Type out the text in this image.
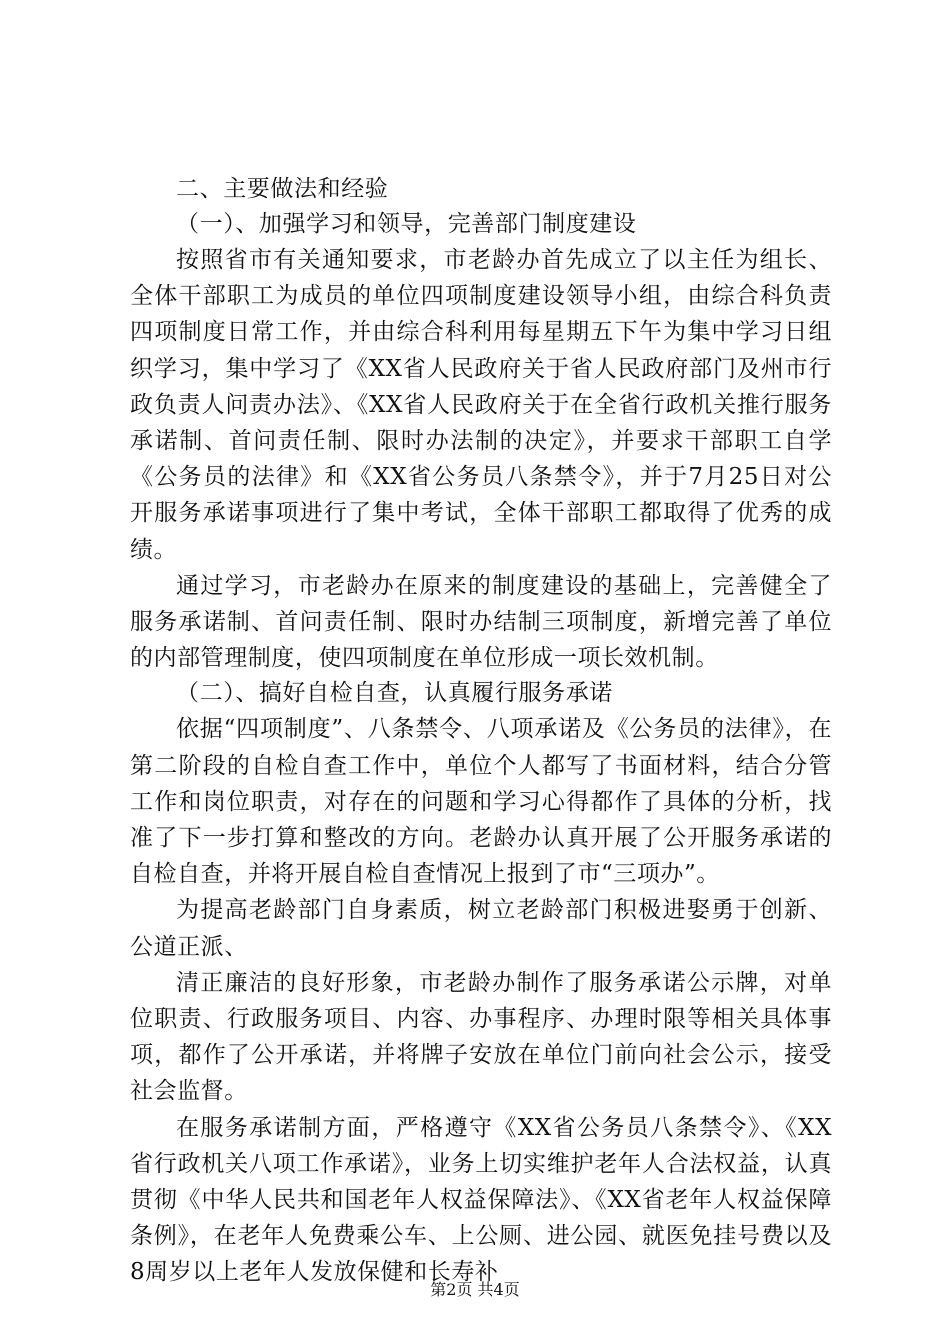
二、主要做法和经验
（一）、加强学习和领导，完善部门制度建设

按照省市有关通知要求，市老龄办首先成立了以主任为组长、全体干部职工为成员的单位四项制度建设领导小组，由综合科负责四项制度日常工作，并由综合科利用每星期五下午为集中学习日组织学习，集中学习了《XX省人民政府关于省人民政府部门及州市行政负责人问责办法》、《XX省人民政府关于在全省行政机关推行服务承诺制、首问责任制、限时办法制的决定》，并要求干部职工自学《公务员的法律》和《XX省公务员八条禁令》，并于7月25日对公开服务承诺事项进行了集中考试，全体干部职工都取得了优秀的成绩。

通过学习，市老龄办在原来的制度建设的基础上，完善健全了服务承诺制、首问责任制、限时办结制三项制度，新增完善了单位的内部管理制度，使四项制度在单位形成一项长效机制。

（二）、搞好自检自查，认真履行服务承诺

依据“四项制度”、八条禁令、八项承诺及《公务员的法律》，在第二阶段的自检自查工作中，单位个人都写了书面材料，结合分管工作和岗位职责，对存在的问题和学习心得都作了具体的分析，找准了下一步打算和整改的方向。老龄办认真开展了公开服务承诺的自检自查，并将开展自检自查情况上报到了市“三项办”。

为提高老龄部门自身素质，树立老龄部门积极进娶勇于创新、公道正派、

清正廉洁的良好形象，市老龄办制作了服务承诺公示牌，对单位职责、行政服务项目、内容、办事程序、办理时限等相关具体事项，都作了公开承诺，并将牌子安放在单位门前向社会公示，接受社会监督。

在服务承诺制方面，严格遵守《XX省公务员八条禁令》、《XX省行政机关八项工作承诺》，业务上切实维护老年人合法权益，认真贯彻《中华人民共和国老年人权益保障法》、《XX省老年人权益保障条例》，在老年人免费乘公车、上公厕、进公园、就医免挂号费以及8周岁以上老年人发放保健和长寿补

第2页 共4页
